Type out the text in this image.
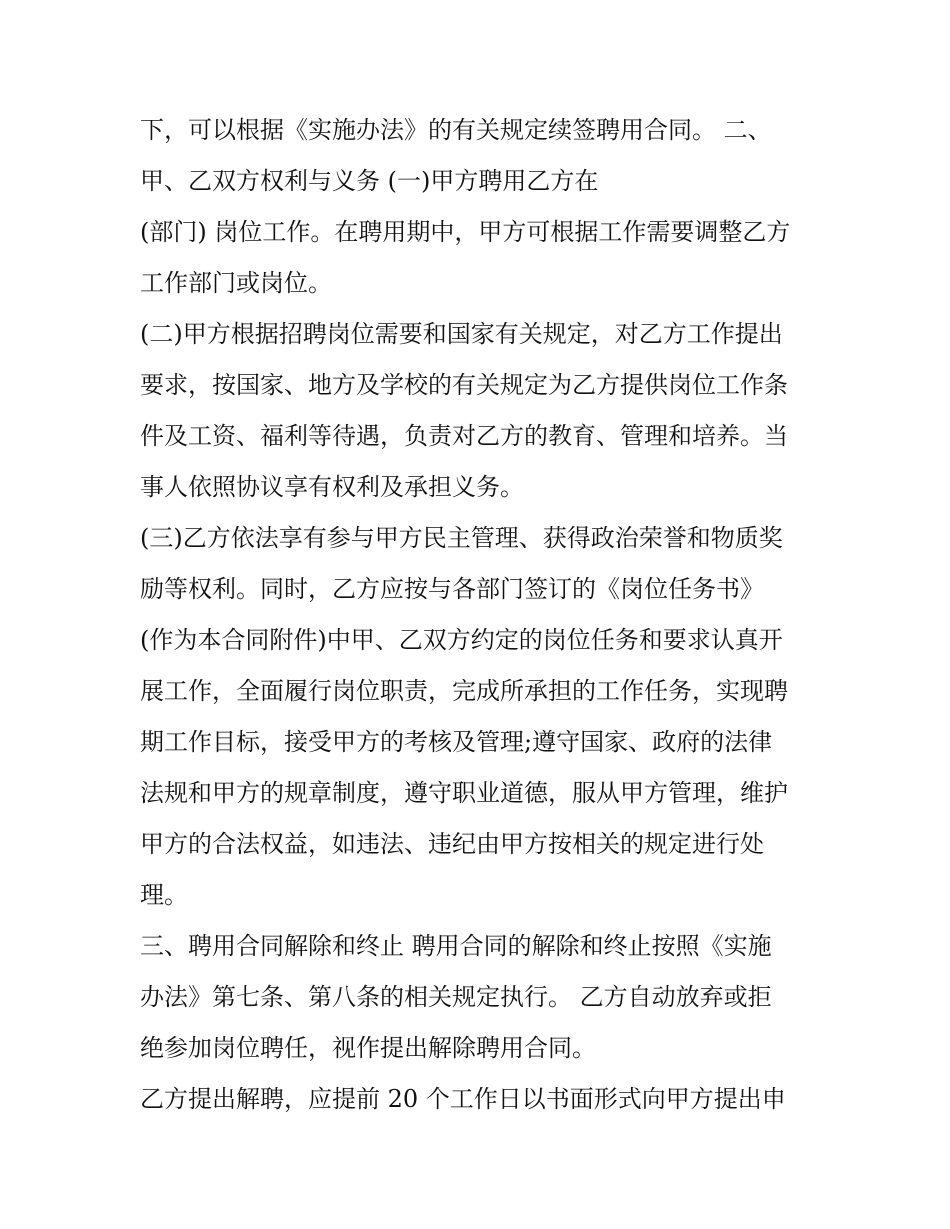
下，可以根据《实施办法》的有关规定续签聘用合同。 二、
甲、乙双方权利与义务 (一)甲方聘用乙方在
(部门) 岗位工作。在聘用期中，甲方可根据工作需要调整乙方
工作部门或岗位。
(二)甲方根据招聘岗位需要和国家有关规定，对乙方工作提出
要求，按国家、地方及学校的有关规定为乙方提供岗位工作条
件及工资、福利等待遇，负责对乙方的教育、管理和培养。当
事人依照协议享有权利及承担义务。
(三)乙方依法享有参与甲方民主管理、获得政治荣誉和物质奖
励等权利。同时，乙方应按与各部门签订的《岗位任务书》
(作为本合同附件)中甲、乙双方约定的岗位任务和要求认真开
展工作，全面履行岗位职责，完成所承担的工作任务，实现聘
期工作目标，接受甲方的考核及管理;遵守国家、政府的法律
法规和甲方的规章制度，遵守职业道德，服从甲方管理，维护
甲方的合法权益，如违法、违纪由甲方按相关的规定进行处
理。
三、聘用合同解除和终止 聘用合同的解除和终止按照《实施
办法》第七条、第八条的相关规定执行。 乙方自动放弃或拒
绝参加岗位聘任，视作提出解除聘用合同。
乙方提出解聘，应提前 20 个工作日以书面形式向甲方提出申
